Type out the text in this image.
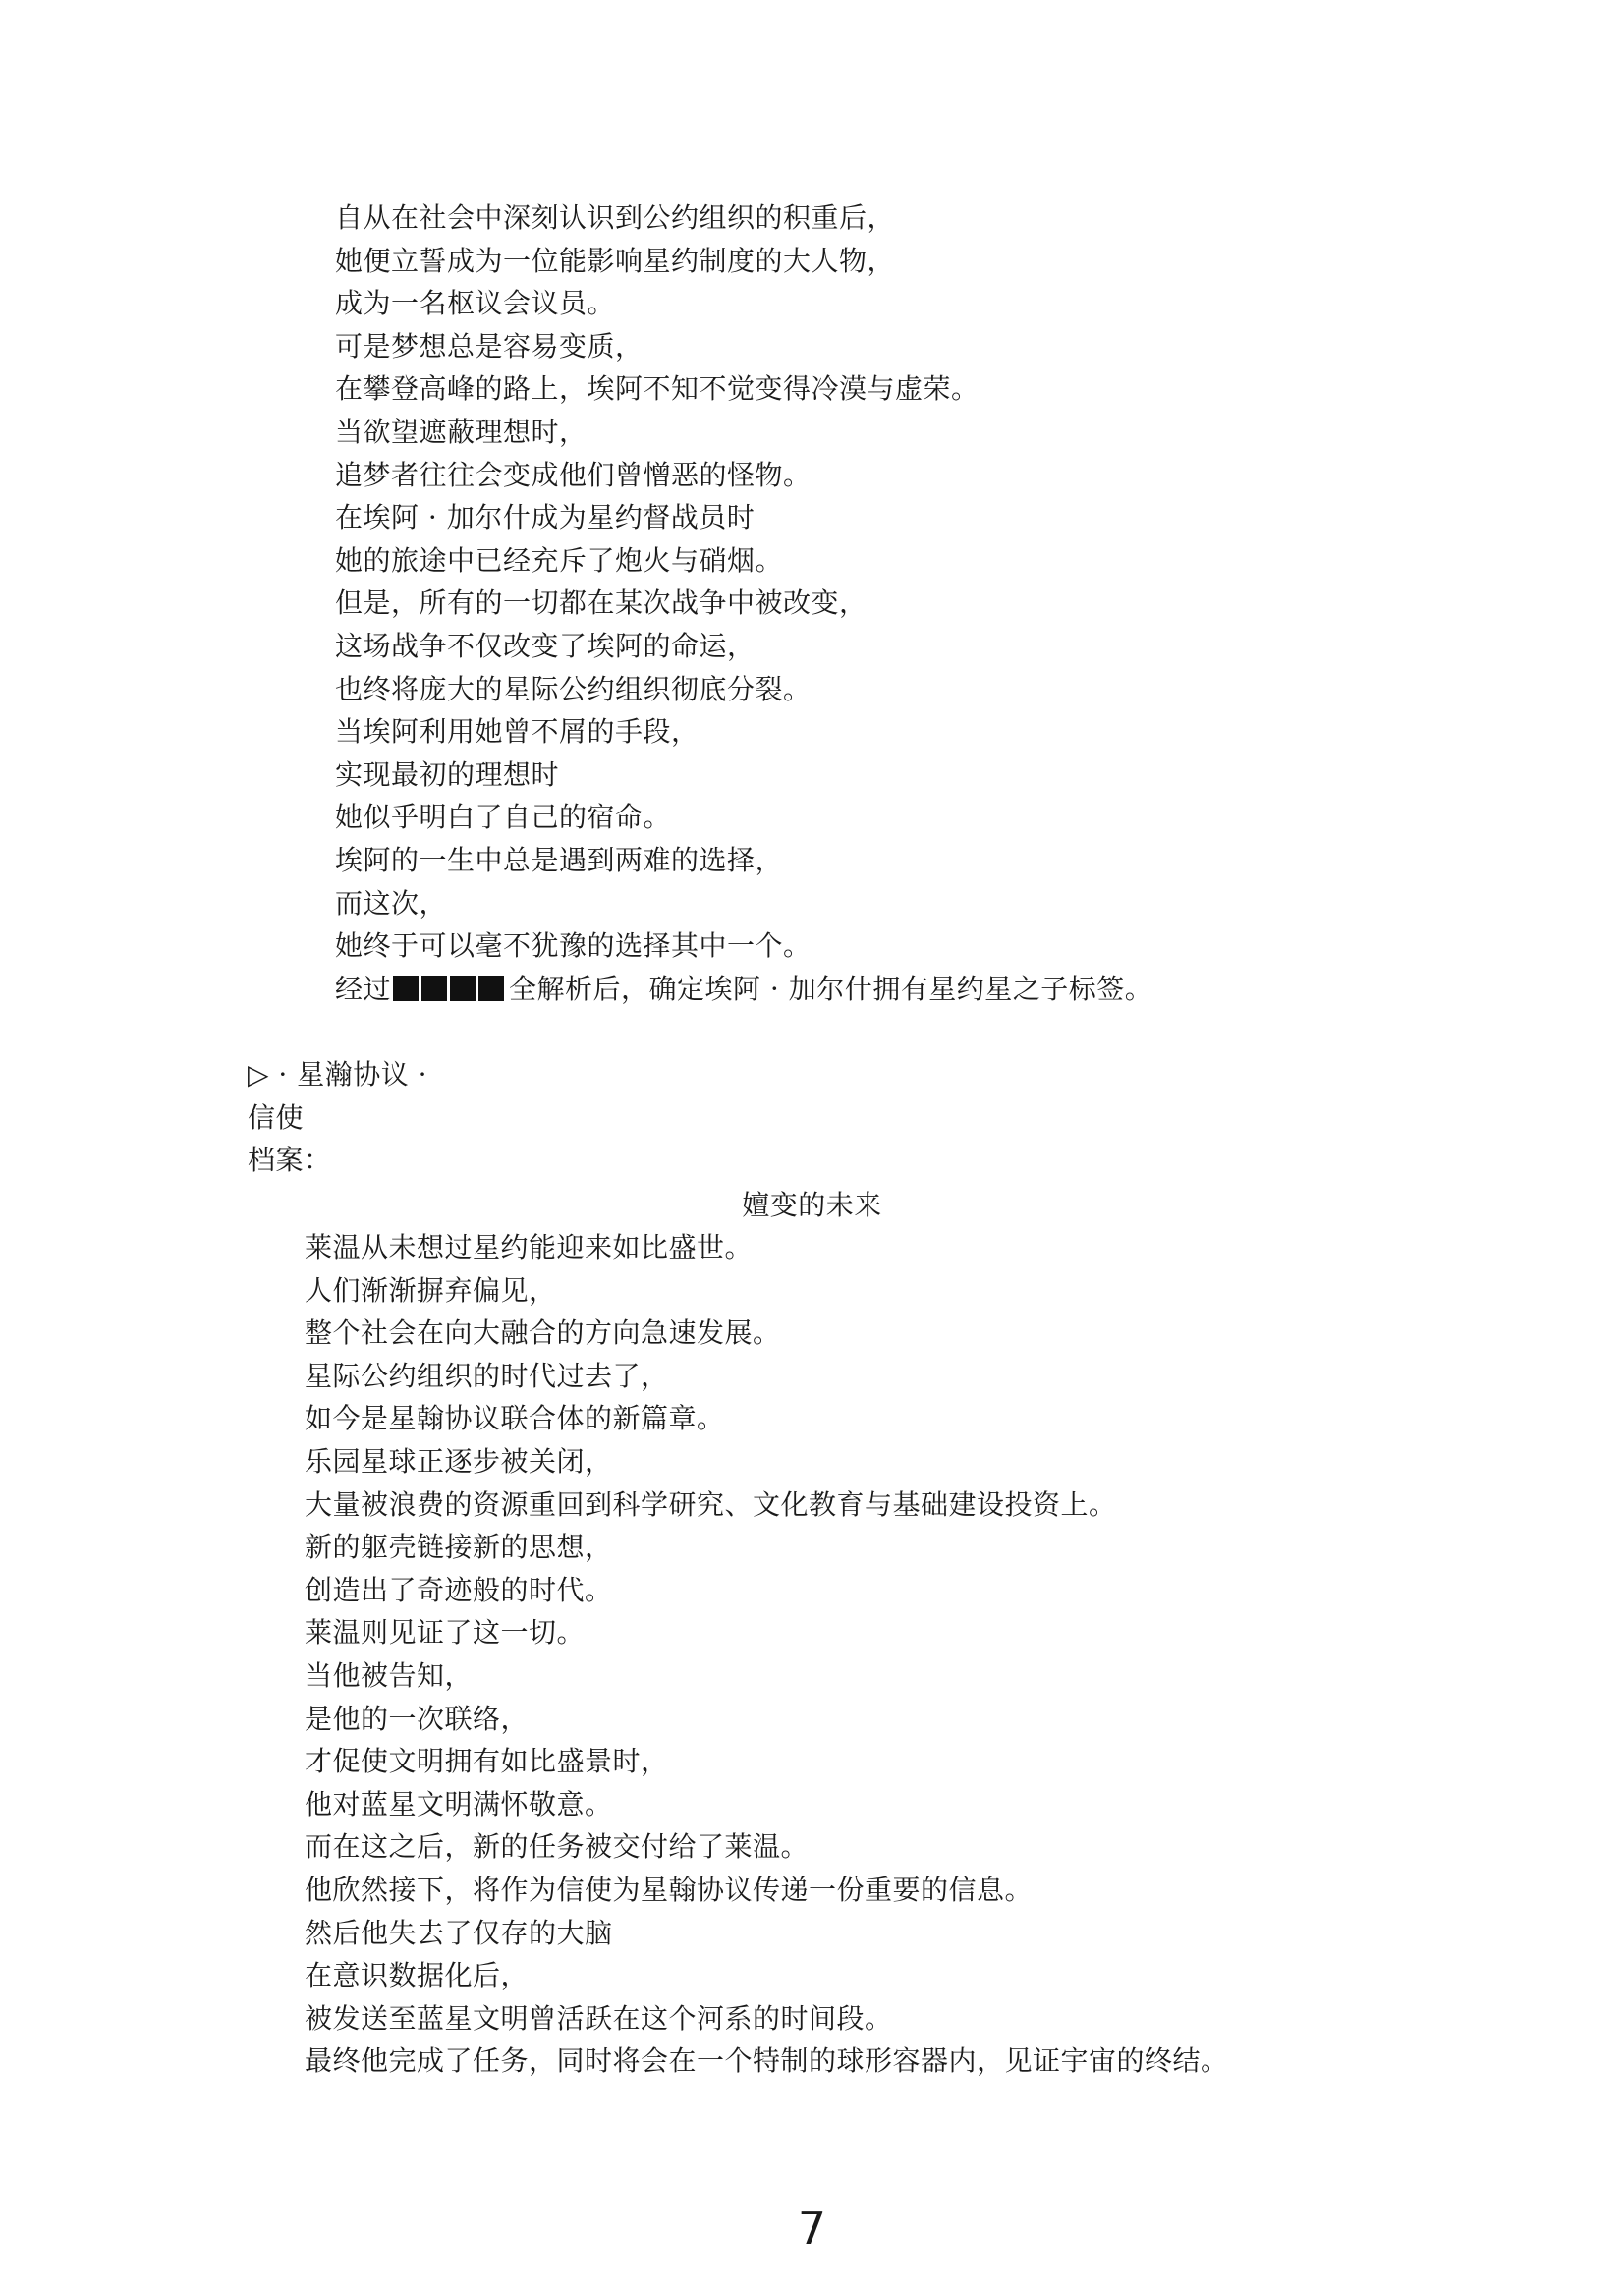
自从在社会中深刻认识到公约组织的积重后，
她便立誓成为一位能影响星约制度的大人物，
成为一名枢议会议员。
可是梦想总是容易变质，
在攀登高峰的路上，埃阿不知不觉变得冷漠与虚荣。
当欲望遮蔽理想时，
追梦者往往会变成他们曾憎恶的怪物。
在埃阿 · 加尔什成为星约督战员时
她的旅途中已经充斥了炮火与硝烟。
但是，所有的一切都在某次战争中被改变，
这场战争不仅改变了埃阿的命运，
也终将庞大的星际公约组织彻底分裂。
当埃阿利用她曾不屑的手段，
实现最初的理想时
她似乎明白了自己的宿命。
埃阿的一生中总是遇到两难的选择，
而这次，
她终于可以毫不犹豫的选择其中一个。
经过	全解析后，确定埃阿 · 加尔什拥有星约星之子标签。
▷ · 星瀚协议 ·
信使
档案：
嬗变的未来
莱温从未想过星约能迎来如比盛世。
人们渐渐摒弃偏见，
整个社会在向大融合的方向急速发展。
星际公约组织的时代过去了，
如今是星翰协议联合体的新篇章。
乐园星球正逐步被关闭，
大量被浪费的资源重回到科学研究、文化教育与基础建设投资上。
新的躯壳链接新的思想，
创造出了奇迹般的时代。
莱温则见证了这一切。
当他被告知，
是他的一次联络，
才促使文明拥有如比盛景时，
他对蓝星文明满怀敬意。
而在这之后，新的任务被交付给了莱温。
他欣然接下，将作为信使为星翰协议传递一份重要的信息。
然后他失去了仅存的大脑
在意识数据化后，
被发送至蓝星文明曾活跃在这个河系的时间段。
最终他完成了任务，同时将会在一个特制的球形容器内，见证宇宙的终结。
7
